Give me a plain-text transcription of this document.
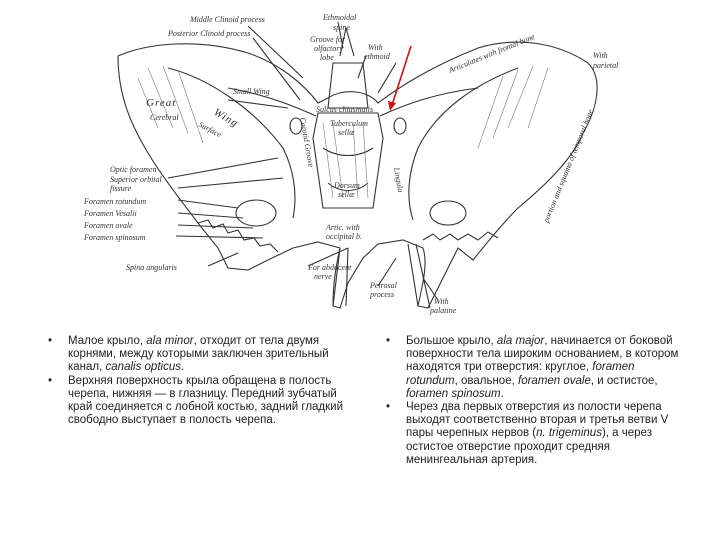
Middle Clinoid process	Ethmoidal
spine
Posterior Clinoid process
Groove for
olfactory
lobe
With
ethmoid	Articulates with frontal bone	With
parietal
Small Wing
Great
Wing
Cerebral
Surface
Sulcus chiasmatis
Tuberculum
sellæ
Optic foramen
Superior orbital
fissure
Foramen rotundum
Foramen Vesalii
Foramen ovale
Foramen spinosum
Dorsum
sellæ
Artic. with
occipital b.
Carotid Groove
Lingula
Spina angularis	For abducent
nerve
Petrosal
process
With
palatine
portion and squama of temporal bone
• Малое крыло, ala minor, отходит от тела двумя корнями, между которыми заключен зрительный канал, canalis opticus.
• Верхняя поверхность крыла обращена в полость черепа, нижняя — в глазницу. Передний зубчатый край соединяется с лобной костью, задний гладкий свободно выступает в полость черепа.
• Большое крыло, ala major, начинается от боковой поверхности тела широким основанием, в котором находятся три отверстия: круглое, foramen rotundum, овальное, foramen ovale, и остистое, foramen spinosum.
• Через два первых отверстия из полости черепа выходят соответственно вторая и третья ветви V пары черепных нервов (n. trigeminus), а через остистое отверстие проходит средняя менингеальная артерия.
